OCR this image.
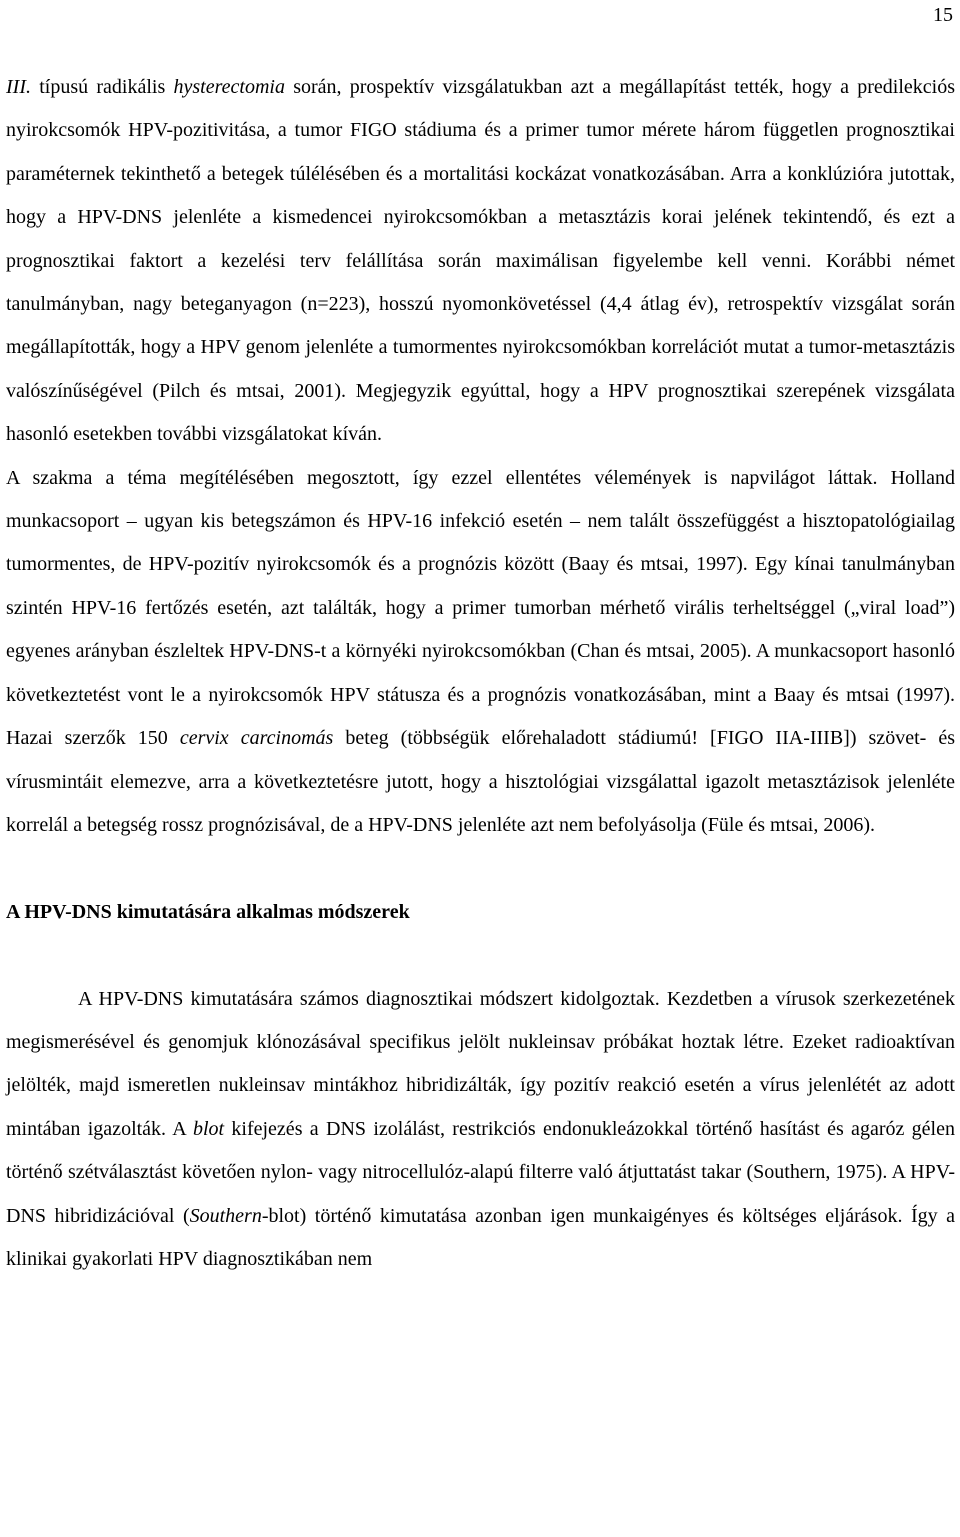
15

III. típusú radikális hysterectomia során, prospektív vizsgálatukban azt a megállapítást tették, hogy a predilekciós nyirokcsomók HPV-pozitivitása, a tumor FIGO stádiuma és a primer tumor mérete három független prognosztikai paraméternek tekinthető a betegek túlélésében és a mortalitási kockázat vonatkozásában. Arra a konklúzióra jutottak, hogy a HPV-DNS jelenléte a kismedencei nyirokcsomókban a metasztázis korai jelének tekintendő, és ezt a prognosztikai faktort a kezelési terv felállítása során maximálisan figyelembe kell venni. Korábbi német tanulmányban, nagy beteganyagon (n=223), hosszú nyomonkövetéssel (4,4 átlag év), retrospektív vizsgálat során megállapították, hogy a HPV genom jelenléte a tumormentes nyirokcsomókban korrelációt mutat a tumor-metasztázis valószínűségével (Pilch és mtsai, 2001). Megjegyzik egyúttal, hogy a HPV prognosztikai szerepének vizsgálata hasonló esetekben további vizsgálatokat kíván.

A szakma a téma megítélésében megosztott, így ezzel ellentétes vélemények is napvilágot láttak. Holland munkacsoport – ugyan kis betegszámon és HPV-16 infekció esetén – nem talált összefüggést a hisztopatológiailag tumormentes, de HPV-pozitív nyirokcsomók és a prognózis között (Baay és mtsai, 1997). Egy kínai tanulmányban szintén HPV-16 fertőzés esetén, azt találták, hogy a primer tumorban mérhető virális terheltséggel („viral load”) egyenes arányban észleltek HPV-DNS-t a környéki nyirokcsomókban (Chan és mtsai, 2005). A munkacsoport hasonló következtetést vont le a nyirokcsomók HPV státusza és a prognózis vonatkozásában, mint a Baay és mtsai (1997). Hazai szerzők 150 cervix carcinomás beteg (többségük előrehaladott stádiumú! [FIGO IIA-IIIB]) szövet- és vírusmintáit elemezve, arra a következtetésre jutott, hogy a hisztológiai vizsgálattal igazolt metasztázisok jelenléte korrelál a betegség rossz prognózisával, de a HPV-DNS jelenléte azt nem befolyásolja (Füle és mtsai, 2006).

A HPV-DNS kimutatására alkalmas módszerek

A HPV-DNS kimutatására számos diagnosztikai módszert kidolgoztak. Kezdetben a vírusok szerkezetének megismerésével és genomjuk klónozásával specifikus jelölt nukleinsav próbákat hoztak létre. Ezeket radioaktívan jelölték, majd ismeretlen nukleinsav mintákhoz hibridizálták, így pozitív reakció esetén a vírus jelenlétét az adott mintában igazolták. A blot kifejezés a DNS izolálást, restrikciós endonukleázokkal történő hasítást és agaróz gélen történő szétválasztást követően nylon- vagy nitrocellulóz-alapú filterre való átjuttatást takar (Southern, 1975). A HPV-DNS hibridizációval (Southern-blot) történő kimutatása azonban igen munkaigényes és költséges eljárások. Így a klinikai gyakorlati HPV diagnosztikában nem
